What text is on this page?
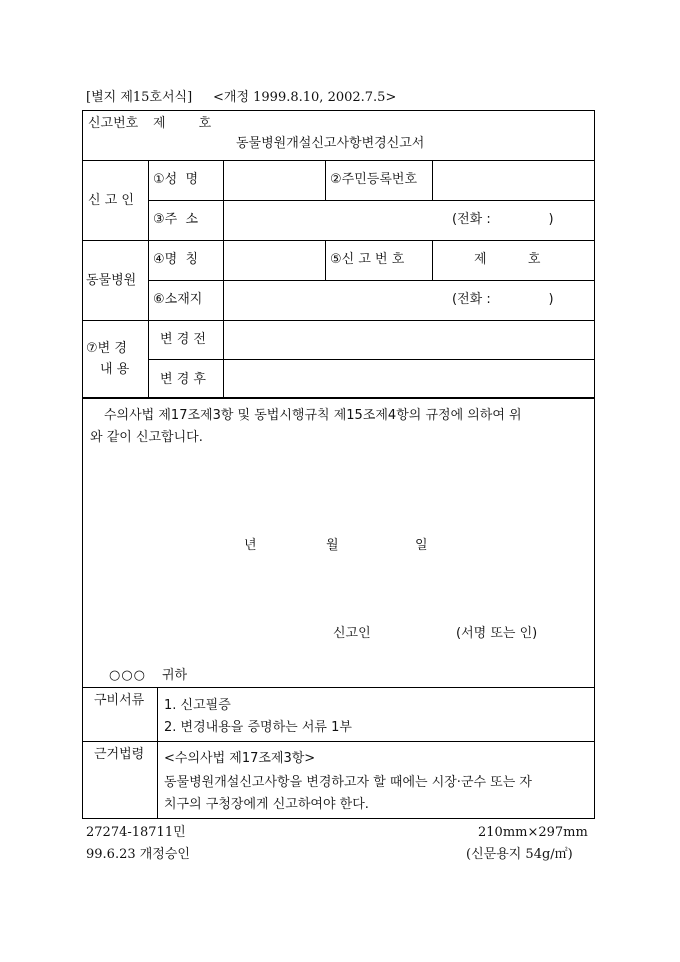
[별지 제15호서식] <개정 1999.8.10, 2002.7.5>
신고번호 제        호
동물병원개설신고사항변경신고서
신 고 인
①성  명	②주민등록번호
③주  소	(전화 :              )
동물병원
④명  칭	⑤신 고 번 호	제          호
⑥소재지	(전화 :              )
⑦변 경
내 용
변 경 전
변 경 후
수의사법 제17조제3항 및 동법시행규칙 제15조제4항의 규정에 의하여 위
와 같이 신고합니다.
년	월	일
신고인	(서명 또는 인)
○○○ 귀하
구비서류 1. 신고필증
2. 변경내용을 증명하는 서류 1부
근거법령 <수의사법 제17조제3항>
동물병원개설신고사항을 변경하고자 할 때에는 시장·군수 또는 자
치구의 구청장에게 신고하여야 한다.
27274-18711민	210mm×297mm
99.6.23 개정승인	(신문용지 54g/㎡)
